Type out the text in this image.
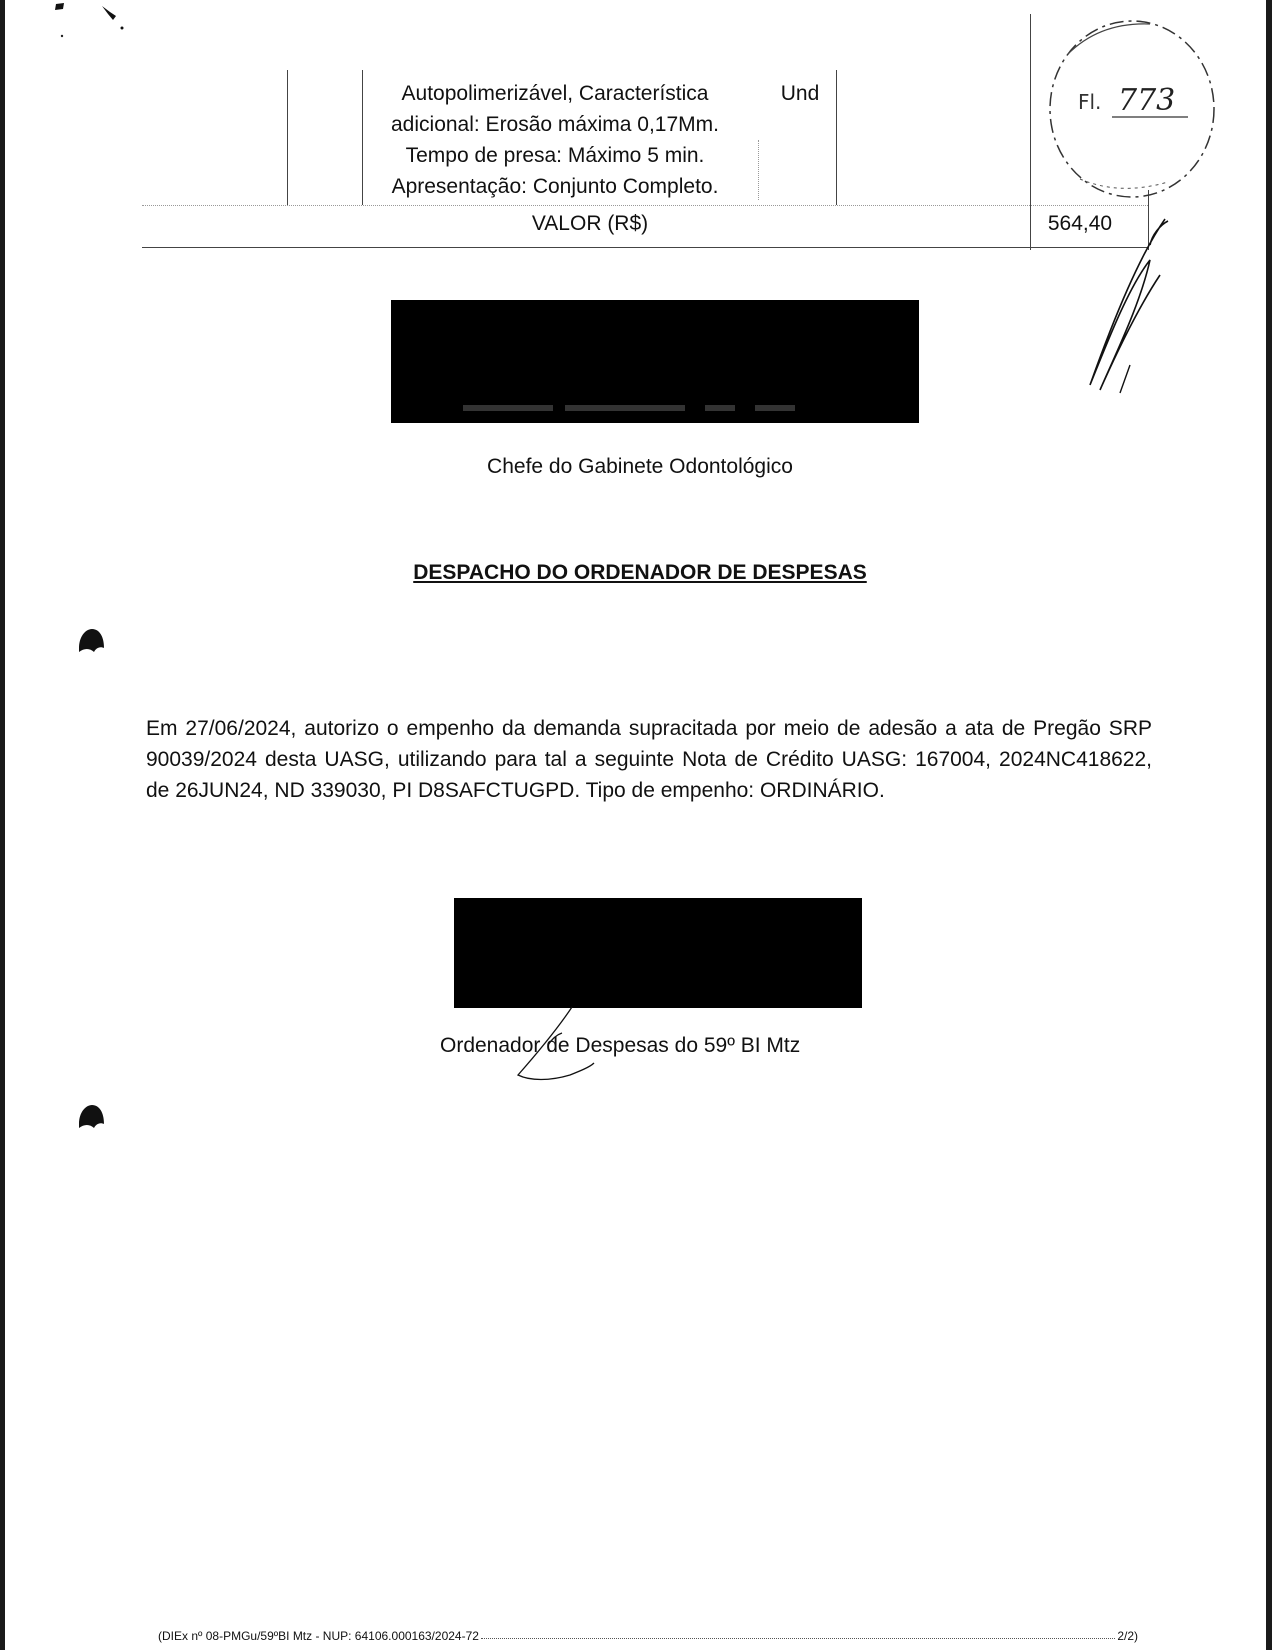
Autopolimerizável, Característica
adicional: Erosão máxima 0,17Mm.
Tempo de presa: Máximo 5 min.
Apresentação: Conjunto Completo.
Und
VALOR (R$)	564,40
Fl. 773
Chefe do Gabinete Odontológico
DESPACHO DO ORDENADOR DE DESPESAS

Em 27/06/2024, autorizo o empenho da demanda supracitada por meio de adesão a ata de Pregão SRP 90039/2024 desta UASG, utilizando para tal a seguinte Nota de Crédito UASG: 167004, 2024NC418622, de 26JUN24, ND 339030, PI D8SAFCTUGPD. Tipo de empenho: ORDINÁRIO.

Ordenador de Despesas do 59º BI Mtz
(DIEx nº 08-PMGu/59ºBI Mtz - NUP: 64106.000163/2024-72	2/2)
